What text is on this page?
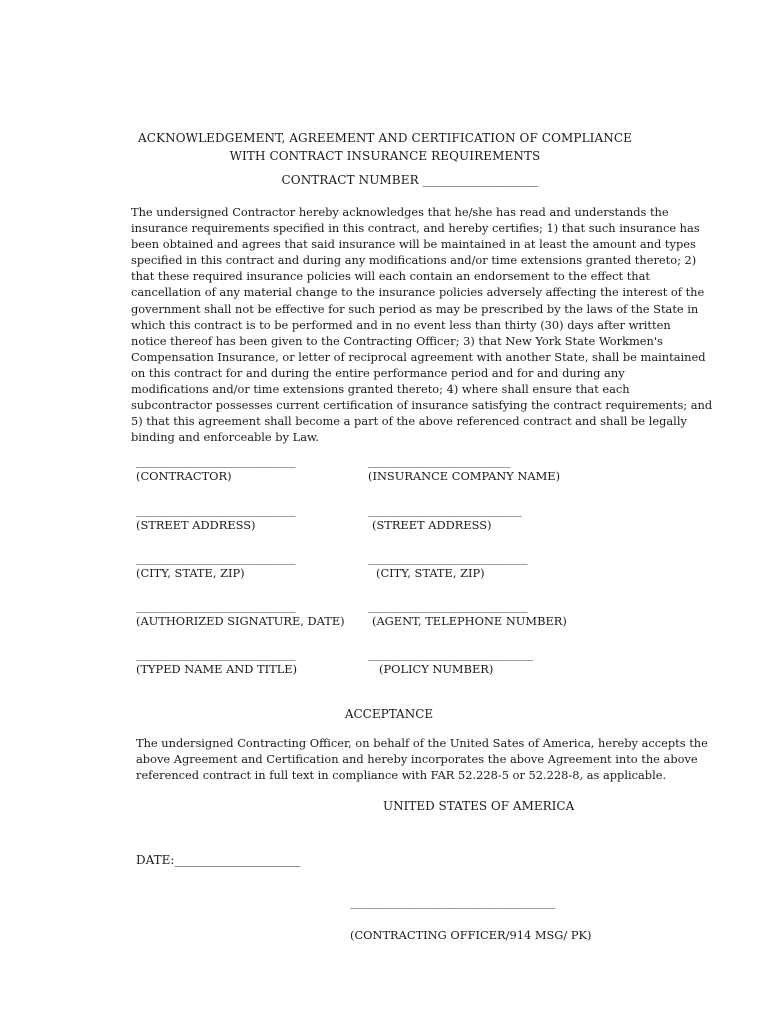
ACKNOWLEDGEMENT, AGREEMENT AND CERTIFICATION OF COMPLIANCE
WITH CONTRACT INSURANCE REQUIREMENTS
CONTRACT NUMBER ___________________
The undersigned Contractor hereby acknowledges that he/she has read and understands the
insurance requirements specified in this contract, and hereby certifies; 1) that such insurance has
been obtained and agrees that said insurance will be maintained in at least the amount and types
specified in this contract and during any modifications and/or time extensions granted thereto; 2)
that these required insurance policies will each contain an endorsement to the effect that
cancellation of any material change to the insurance policies adversely affecting the interest of the
government shall not be effective for such period as may be prescribed by the laws of the State in
which this contract is to be performed and in no event less than thirty (30) days after written
notice thereof has been given to the Contracting Officer; 3) that New York State Workmen's
Compensation Insurance, or letter of reciprocal agreement with another State, shall be maintained
on this contract for and during the entire performance period and for and during any
modifications and/or time extensions granted thereto; 4) where shall ensure that each
subcontractor possesses current certification of insurance satisfying the contract requirements; and
5) that this agreement shall become a part of the above referenced contract and shall be legally
binding and enforceable by Law.
____________________________
(CONTRACTOR)
____________________________
(STREET ADDRESS)
____________________________
(CITY, STATE, ZIP)
____________________________
(AUTHORIZED SIGNATURE, DATE)
____________________________
(TYPED NAME AND TITLE)
_________________________
(INSURANCE COMPANY NAME)
___________________________
(STREET ADDRESS)
____________________________
(CITY, STATE, ZIP)
____________________________
(AGENT, TELEPHONE NUMBER)
_____________________________
(POLICY NUMBER)
ACCEPTANCE
The undersigned Contracting Officer, on behalf of the United Sates of America, hereby accepts the
above Agreement and Certification and hereby incorporates the above Agreement into the above
referenced contract in full text in compliance with FAR 52.228-5 or 52.228-8, as applicable.
UNITED STATES OF AMERICA
DATE:_____________________
____________________________________
(CONTRACTING OFFICER/914 MSG/ PK)
